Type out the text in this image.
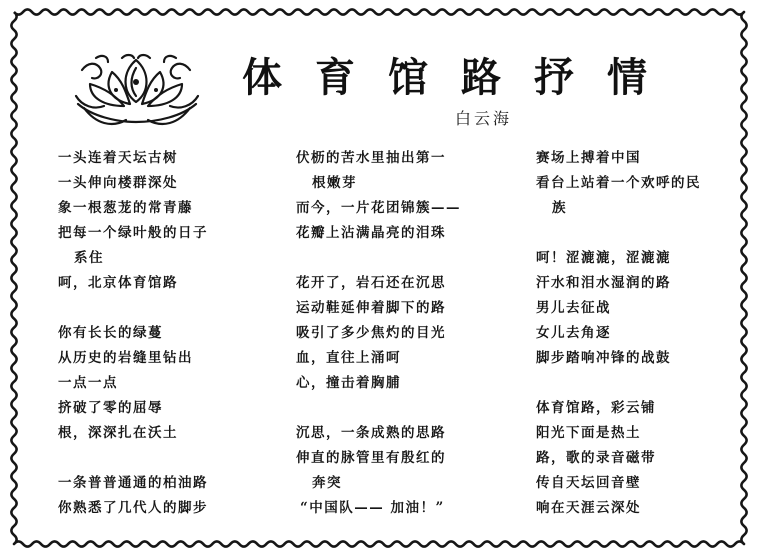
体育馆路抒情
白云海
一头连着天坛古树
一头伸向楼群深处
象一根葱茏的常青藤
把每一个绿叶般的日子
系住
呵，北京体育馆路
你有长长的绿蔓
从历史的岩缝里钻出
一点一点
挤破了零的屈辱
根，深深扎在沃土
一条普普通通的柏油路
你熟悉了几代人的脚步
伏枥的苦水里抽出第一
根嫩芽
而今，一片花团锦簇——
花瓣上沾满晶亮的泪珠
花开了，岩石还在沉思
运动鞋延伸着脚下的路
吸引了多少焦灼的目光
血，直往上涌呵
心，撞击着胸脯
沉思，一条成熟的思路
伸直的脉管里有殷红的
奔突
“中国队—— 加油！”
赛场上搏着中国
看台上站着一个欢呼的民
族
呵！涩漉漉，涩漉漉
汗水和泪水湿润的路
男儿去征战
女儿去角逐
脚步踏响冲锋的战鼓
体育馆路，彩云铺
阳光下面是热土
路，歌的录音磁带
传自天坛回音壁
响在天涯云深处
